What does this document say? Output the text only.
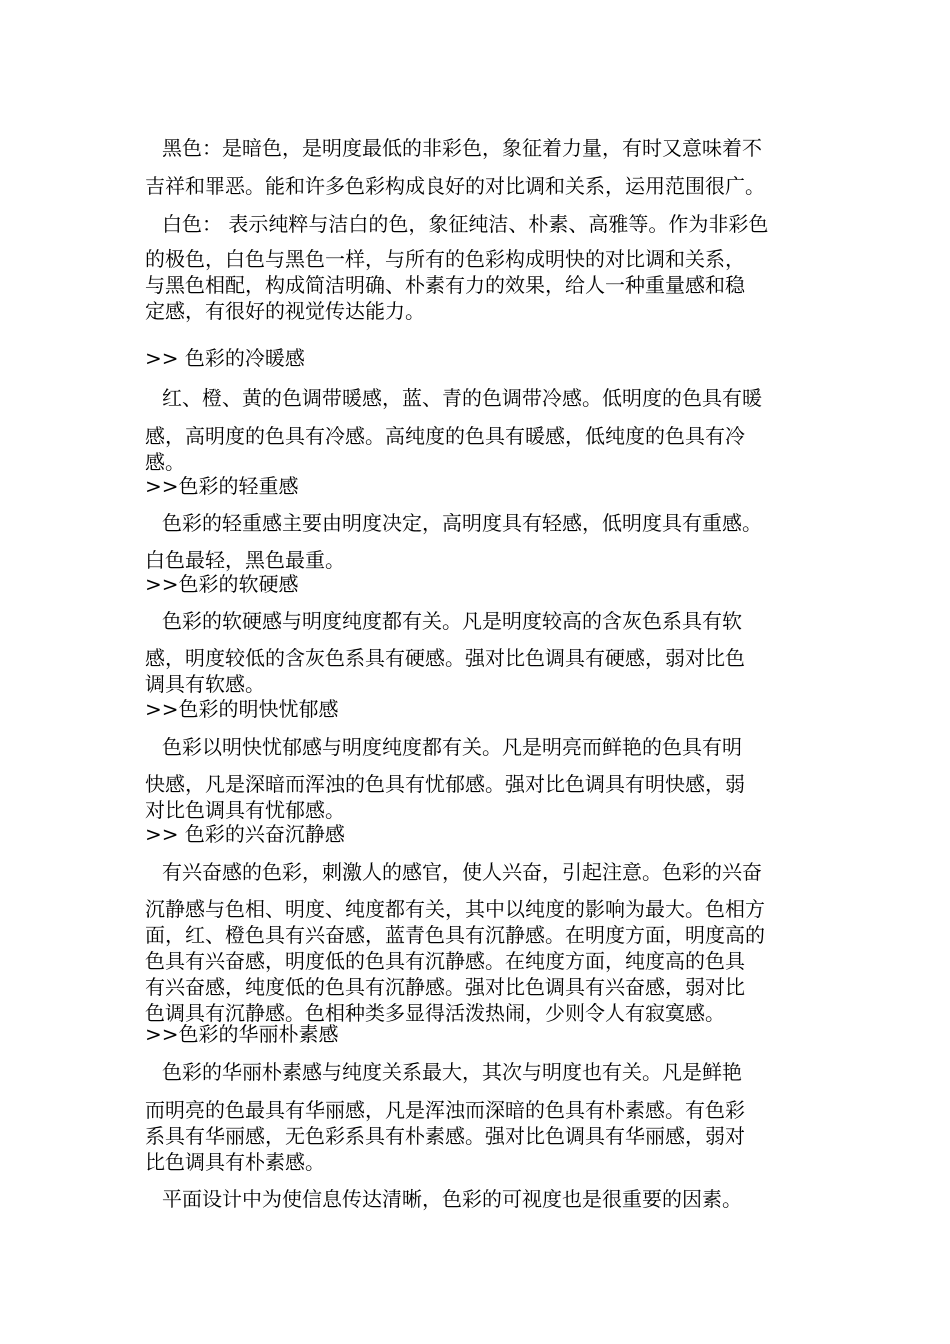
黑色：是暗色，是明度最低的非彩色，象征着力量，有时又意味着不
吉祥和罪恶。能和许多色彩构成良好的对比调和关系，运用范围很广。
白色： 表示纯粹与洁白的色，象征纯洁、朴素、高雅等。作为非彩色
的极色，白色与黑色一样，与所有的色彩构成明快的对比调和关系，
与黑色相配，构成简洁明确、朴素有力的效果，给人一种重量感和稳
定感，有很好的视觉传达能力。
>> 色彩的冷暖感
红、橙、黄的色调带暖感，蓝、青的色调带冷感。低明度的色具有暖
感，高明度的色具有冷感。高纯度的色具有暖感，低纯度的色具有冷
感。
>>色彩的轻重感
色彩的轻重感主要由明度决定，高明度具有轻感，低明度具有重感。
白色最轻，黑色最重。
>>色彩的软硬感
色彩的软硬感与明度纯度都有关。凡是明度较高的含灰色系具有软
感，明度较低的含灰色系具有硬感。强对比色调具有硬感，弱对比色
调具有软感。
>>色彩的明快忧郁感
色彩以明快忧郁感与明度纯度都有关。凡是明亮而鲜艳的色具有明
快感，凡是深暗而浑浊的色具有忧郁感。强对比色调具有明快感，弱
对比色调具有忧郁感。
>> 色彩的兴奋沉静感
有兴奋感的色彩，刺激人的感官，使人兴奋，引起注意。色彩的兴奋
沉静感与色相、明度、纯度都有关，其中以纯度的影响为最大。色相方
面，红、橙色具有兴奋感，蓝青色具有沉静感。在明度方面，明度高的
色具有兴奋感，明度低的色具有沉静感。在纯度方面，纯度高的色具
有兴奋感，纯度低的色具有沉静感。强对比色调具有兴奋感，弱对比
色调具有沉静感。色相种类多显得活泼热闹，少则令人有寂寞感。
>>色彩的华丽朴素感
色彩的华丽朴素感与纯度关系最大，其次与明度也有关。凡是鲜艳
而明亮的色最具有华丽感，凡是浑浊而深暗的色具有朴素感。有色彩
系具有华丽感，无色彩系具有朴素感。强对比色调具有华丽感，弱对
比色调具有朴素感。
平面设计中为使信息传达清晰，色彩的可视度也是很重要的因素。
